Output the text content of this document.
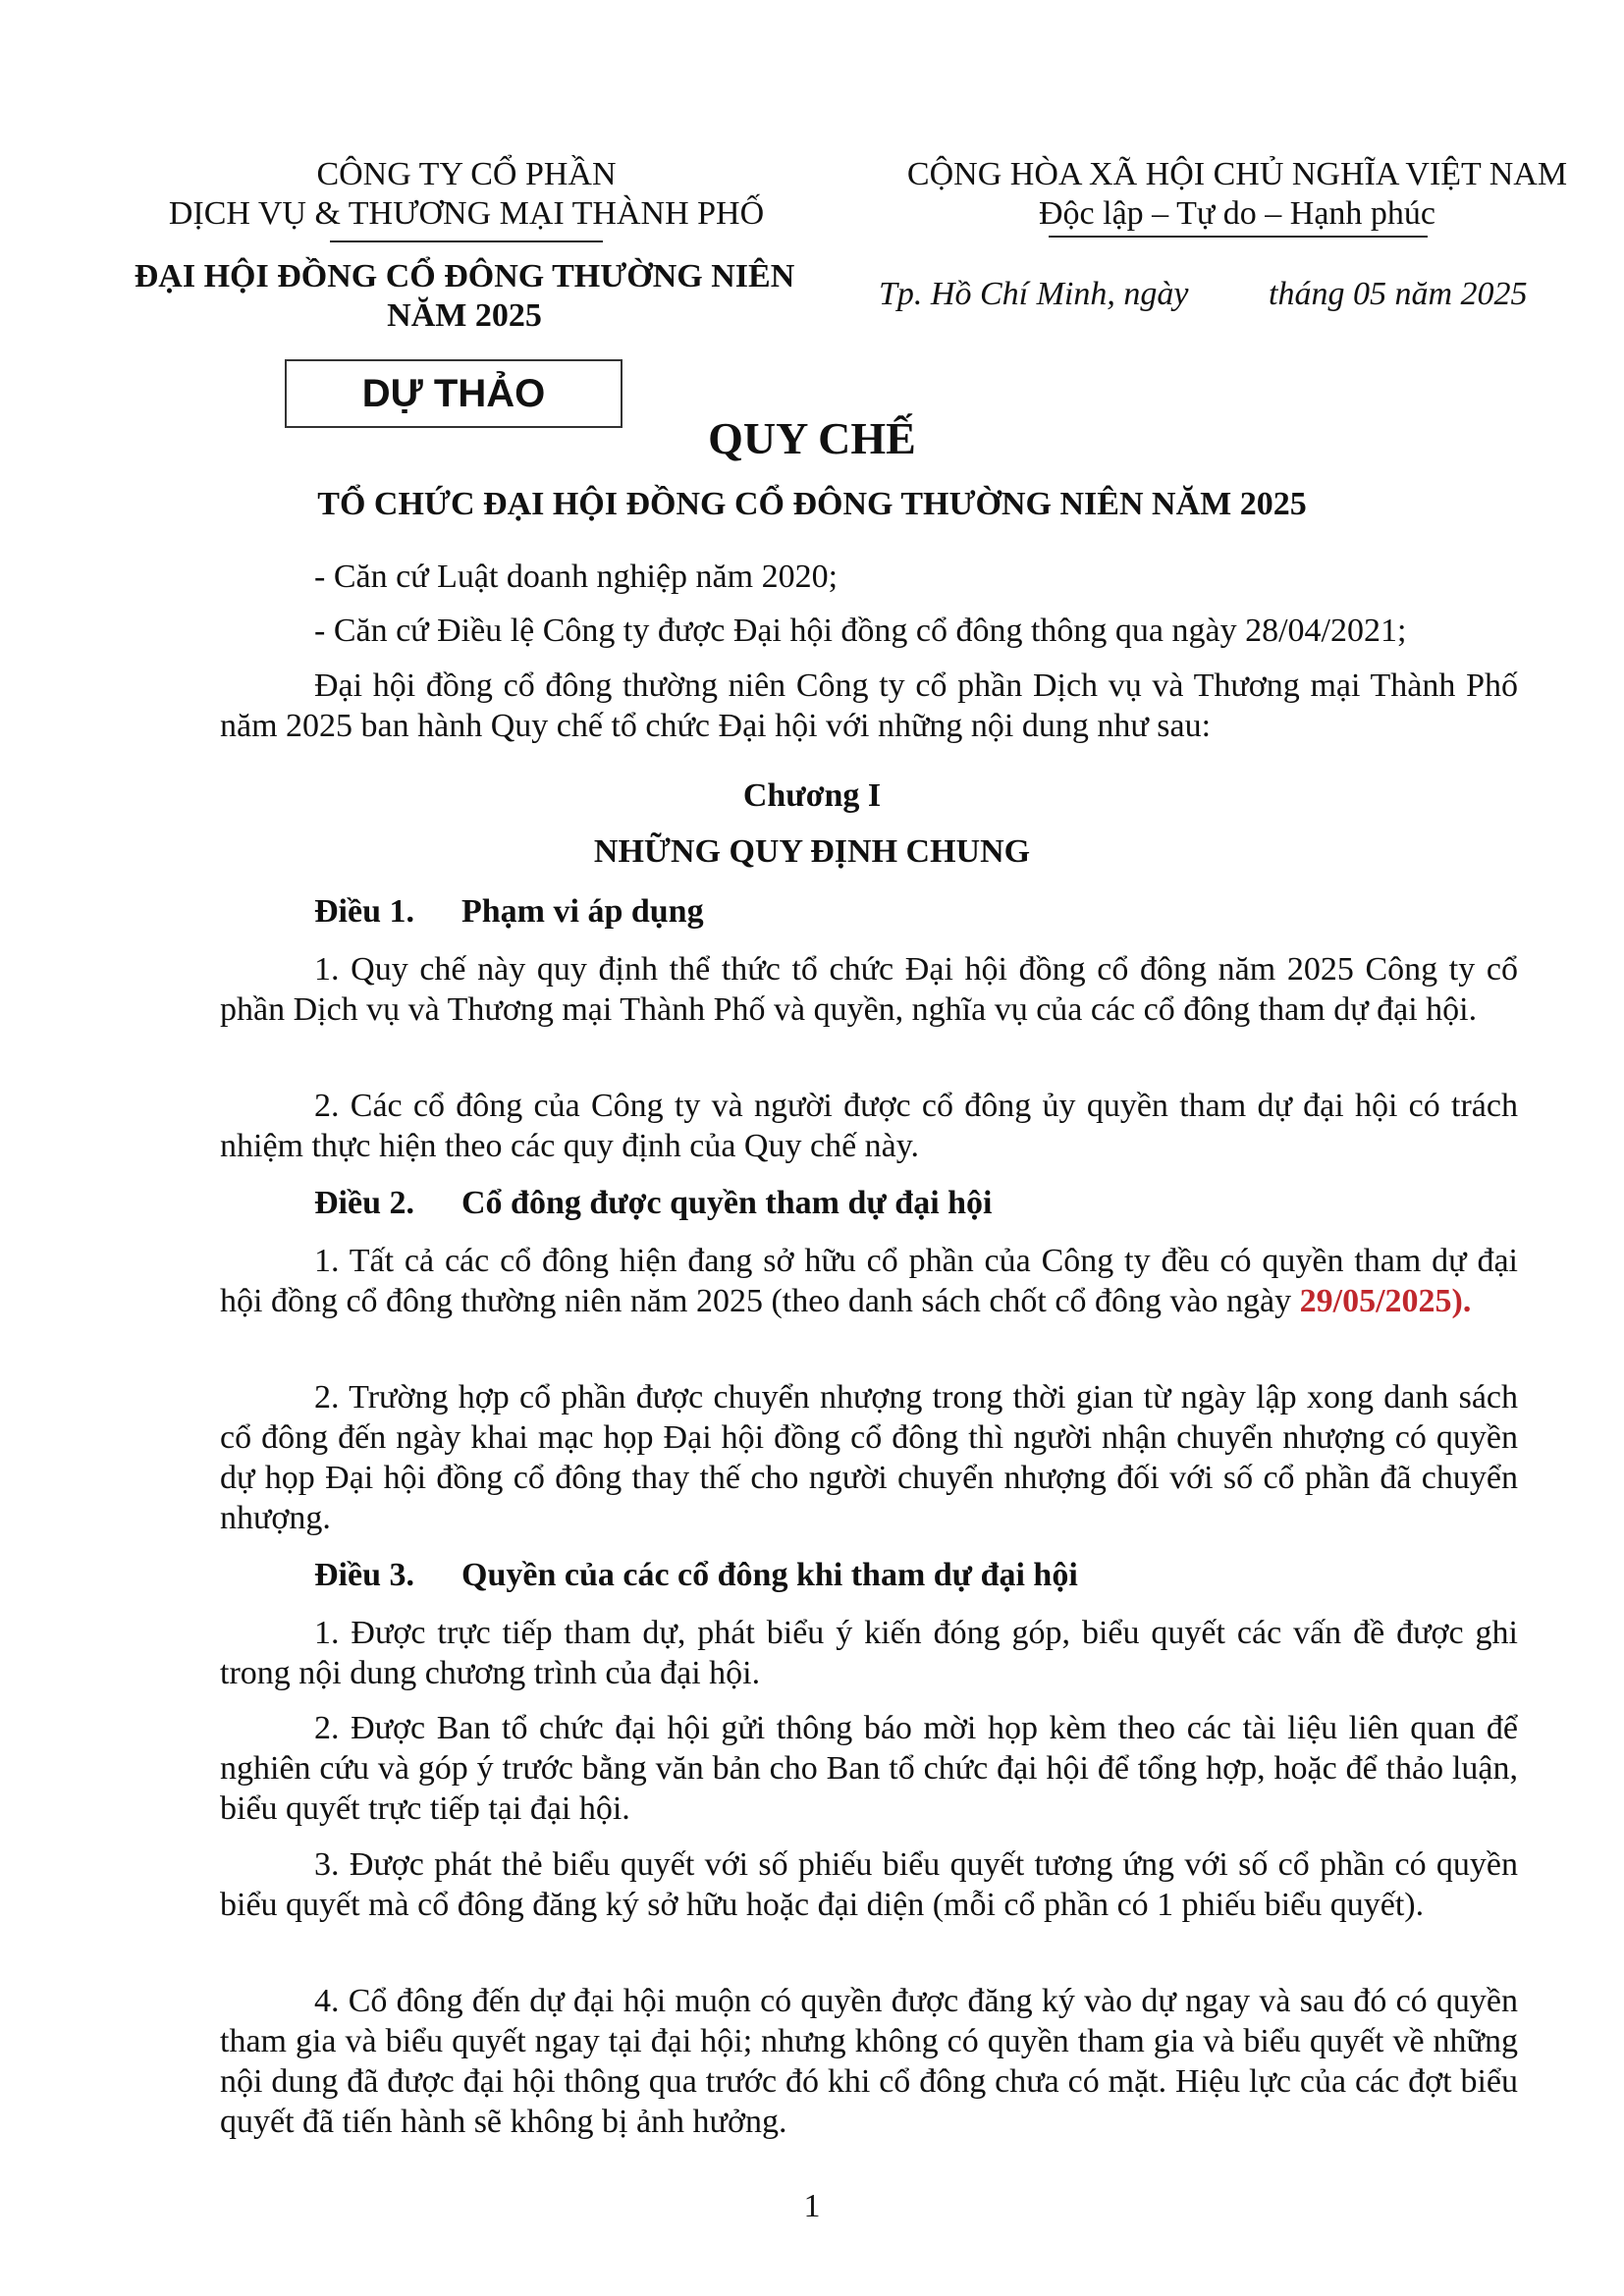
CÔNG TY CỔ PHẦN
DỊCH VỤ & THƯƠNG MẠI THÀNH PHỐ
ĐẠI HỘI ĐỒNG CỔ ĐÔNG THƯỜNG NIÊN
NĂM 2025
DỰ THẢO
CỘNG HÒA XÃ HỘI CHỦ NGHĨA VIỆT NAM
Độc lập – Tự do – Hạnh phúc
Tp. Hồ Chí Minh, ngày tháng 05 năm 2025
QUY CHẾ
TỔ CHỨC ĐẠI HỘI ĐỒNG CỔ ĐÔNG THƯỜNG NIÊN NĂM 2025
- Căn cứ Luật doanh nghiệp năm 2020;
- Căn cứ Điều lệ Công ty được Đại hội đồng cổ đông thông qua ngày 28/04/2021;
Đại hội đồng cổ đông thường niên Công ty cổ phần Dịch vụ và Thương mại Thành Phố năm 2025 ban hành Quy chế tổ chức Đại hội với những nội dung như sau:
Chương I
NHỮNG QUY ĐỊNH CHUNG
Điều 1. Phạm vi áp dụng
1. Quy chế này quy định thể thức tổ chức Đại hội đồng cổ đông năm 2025 Công ty cổ phần Dịch vụ và Thương mại Thành Phố và quyền, nghĩa vụ của các cổ đông tham dự đại hội.
2. Các cổ đông của Công ty và người được cổ đông ủy quyền tham dự đại hội có trách nhiệm thực hiện theo các quy định của Quy chế này.
Điều 2. Cổ đông được quyền tham dự đại hội
1. Tất cả các cổ đông hiện đang sở hữu cổ phần của Công ty đều có quyền tham dự đại hội đồng cổ đông thường niên năm 2025 (theo danh sách chốt cổ đông vào ngày 29/05/2025).
2. Trường hợp cổ phần được chuyển nhượng trong thời gian từ ngày lập xong danh sách cổ đông đến ngày khai mạc họp Đại hội đồng cổ đông thì người nhận chuyển nhượng có quyền dự họp Đại hội đồng cổ đông thay thế cho người chuyển nhượng đối với số cổ phần đã chuyển nhượng.
Điều 3. Quyền của các cổ đông khi tham dự đại hội
1. Được trực tiếp tham dự, phát biểu ý kiến đóng góp, biểu quyết các vấn đề được ghi trong nội dung chương trình của đại hội.
2. Được Ban tổ chức đại hội gửi thông báo mời họp kèm theo các tài liệu liên quan để nghiên cứu và góp ý trước bằng văn bản cho Ban tổ chức đại hội để tổng hợp, hoặc để thảo luận, biểu quyết trực tiếp tại đại hội.
3. Được phát thẻ biểu quyết với số phiếu biểu quyết tương ứng với số cổ phần có quyền biểu quyết mà cổ đông đăng ký sở hữu hoặc đại diện (mỗi cổ phần có 1 phiếu biểu quyết).
4. Cổ đông đến dự đại hội muộn có quyền được đăng ký vào dự ngay và sau đó có quyền tham gia và biểu quyết ngay tại đại hội; nhưng không có quyền tham gia và biểu quyết về những nội dung đã được đại hội thông qua trước đó khi cổ đông chưa có mặt. Hiệu lực của các đợt biểu quyết đã tiến hành sẽ không bị ảnh hưởng.
1
